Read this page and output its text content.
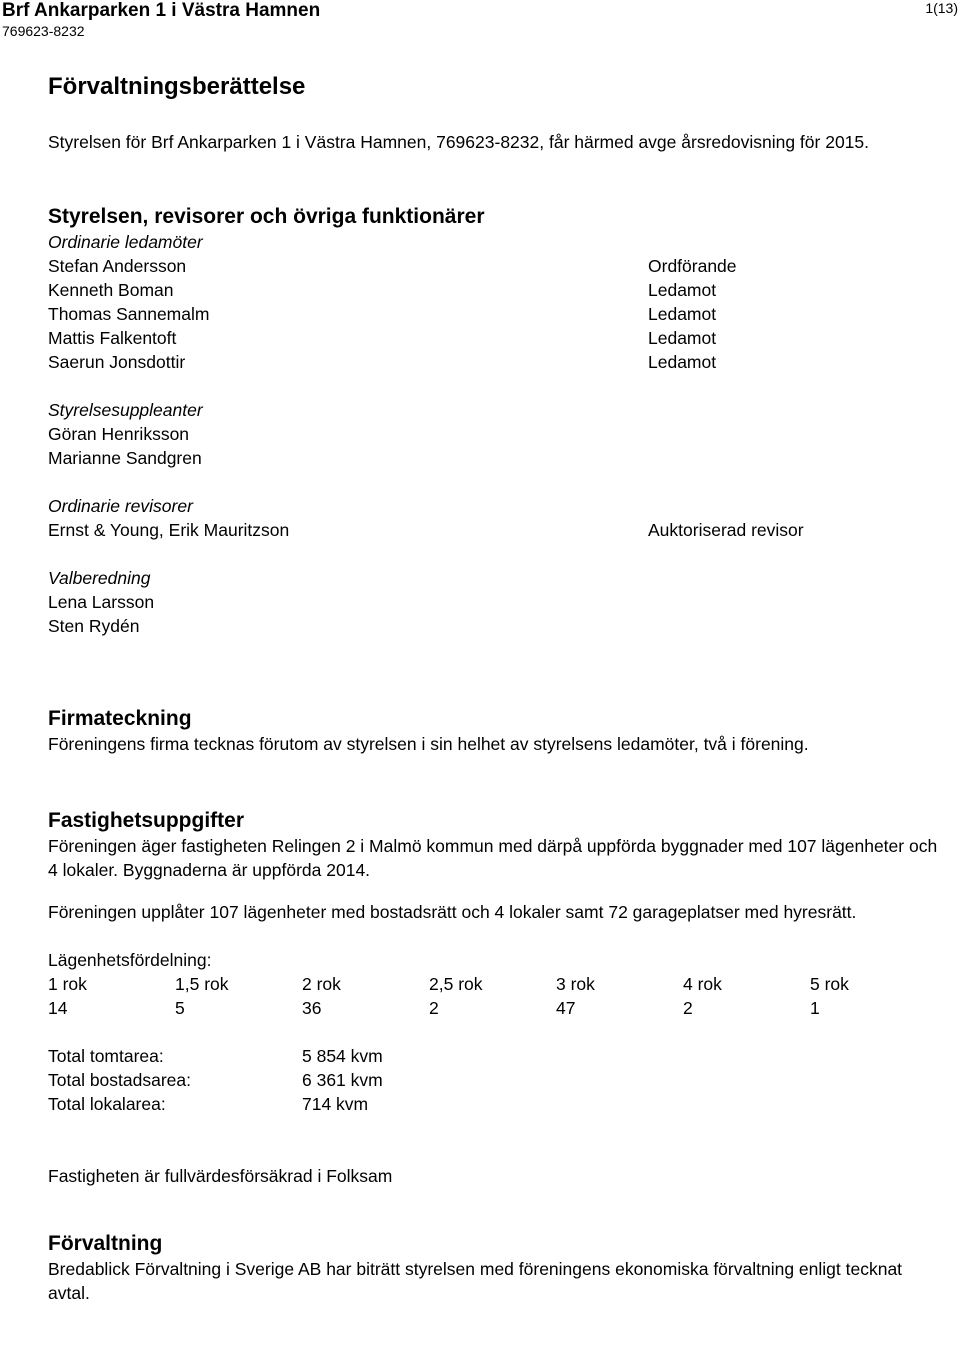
Brf Ankarparken 1 i Västra Hamnen
769623-8232
1(13)
Förvaltningsberättelse

Styrelsen för Brf Ankarparken 1 i Västra Hamnen, 769623-8232, får härmed avge årsredovisning för 2015.

Styrelsen, revisorer och övriga funktionärer
Ordinarie ledamöter
Stefan Andersson	Ordförande
Kenneth Boman	Ledamot
Thomas Sannemalm	Ledamot
Mattis Falkentoft	Ledamot
Saerun Jonsdottir	Ledamot
Styrelsesuppleanter
Göran Henriksson
Marianne Sandgren
Ordinarie revisorer
Ernst & Young, Erik Mauritzson	Auktoriserad revisor
Valberedning
Lena Larsson
Sten Rydén
Firmateckning

Föreningens firma tecknas förutom av styrelsen i sin helhet av styrelsens ledamöter, två i förening.

Fastighetsuppgifter

Föreningen äger fastigheten Relingen 2 i Malmö kommun med därpå uppförda byggnader med 107 lägenheter och 4 lokaler. Byggnaderna är uppförda 2014.

Föreningen upplåter 107 lägenheter med bostadsrätt och 4 lokaler samt 72 garageplatser med hyresrätt.

Lägenhetsfördelning:
1 rok	1,5 rok	2 rok	2,5 rok	3 rok	4 rok	5 rok
14	5	36	2	47	2	1
Total tomtarea:	5 854 kvm
Total bostadsarea:	6 361 kvm
Total lokalarea:	714 kvm
Fastigheten är fullvärdesförsäkrad i Folksam
Förvaltning

Bredablick Förvaltning i Sverige AB har biträtt styrelsen med föreningens ekonomiska förvaltning enligt tecknat avtal.
